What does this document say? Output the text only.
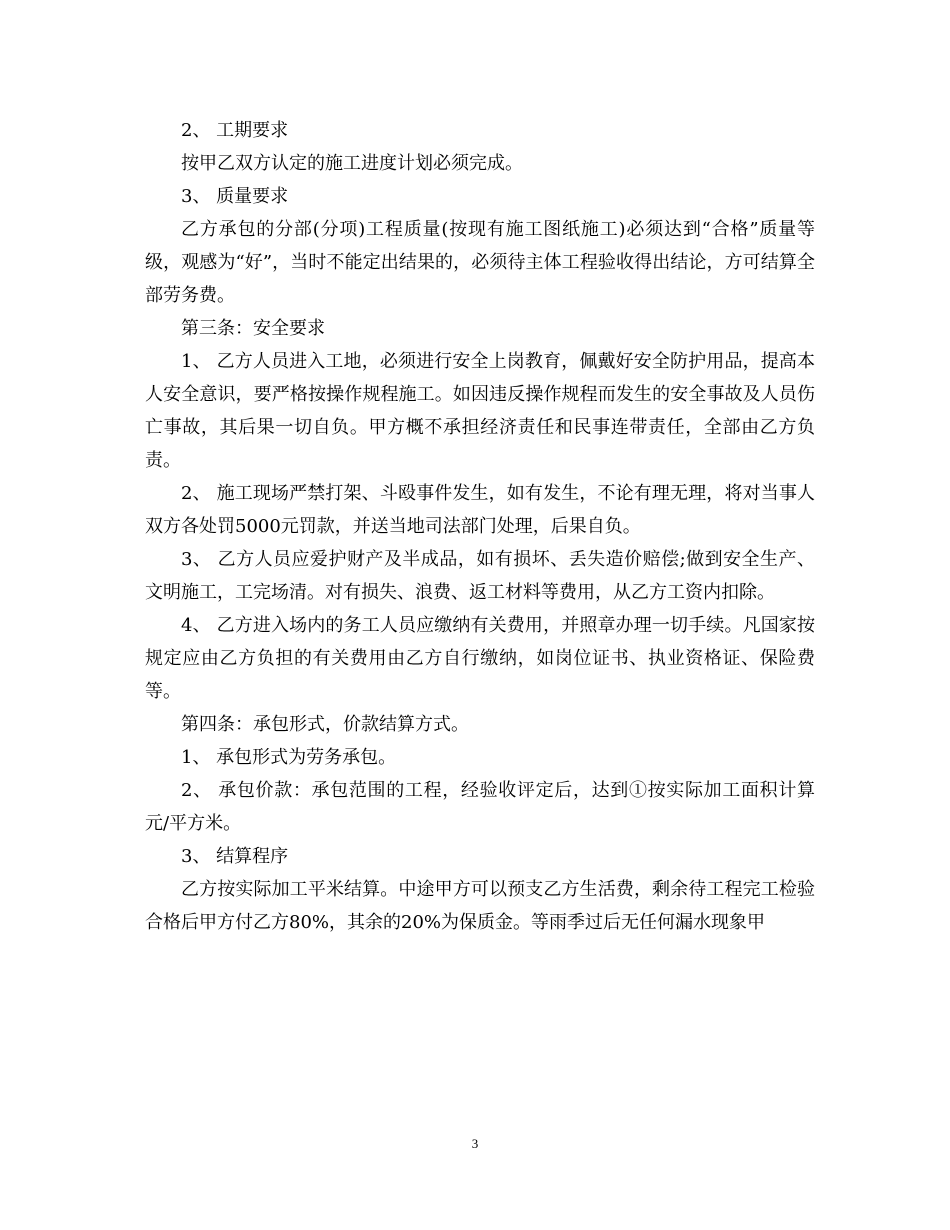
2、 工期要求

按甲乙双方认定的施工进度计划必须完成。

3、 质量要求

乙方承包的分部(分项)工程质量(按现有施工图纸施工)必须达到“合格”质量等级，观感为“好”，当时不能定出结果的，必须待主体工程验收得出结论，方可结算全部劳务费。

第三条：安全要求

1、 乙方人员进入工地，必须进行安全上岗教育，佩戴好安全防护用品，提高本人安全意识，要严格按操作规程施工。如因违反操作规程而发生的安全事故及人员伤亡事故，其后果一切自负。甲方概不承担经济责任和民事连带责任，全部由乙方负责。

2、 施工现场严禁打架、斗殴事件发生，如有发生，不论有理无理，将对当事人双方各处罚5000元罚款，并送当地司法部门处理，后果自负。

3、 乙方人员应爱护财产及半成品，如有损坏、丢失造价赔偿;做到安全生产、文明施工，工完场清。对有损失、浪费、返工材料等费用，从乙方工资内扣除。

4、 乙方进入场内的务工人员应缴纳有关费用，并照章办理一切手续。凡国家按规定应由乙方负担的有关费用由乙方自行缴纳，如岗位证书、执业资格证、保险费等。

第四条：承包形式，价款结算方式。

1、 承包形式为劳务承包。

2、 承包价款：承包范围的工程，经验收评定后，达到①按实际加工面积计算 元/平方米。

3、 结算程序

乙方按实际加工平米结算。中途甲方可以预支乙方生活费，剩余待工程完工检验合格后甲方付乙方80%，其余的20%为保质金。等雨季过后无任何漏水现象甲

3
